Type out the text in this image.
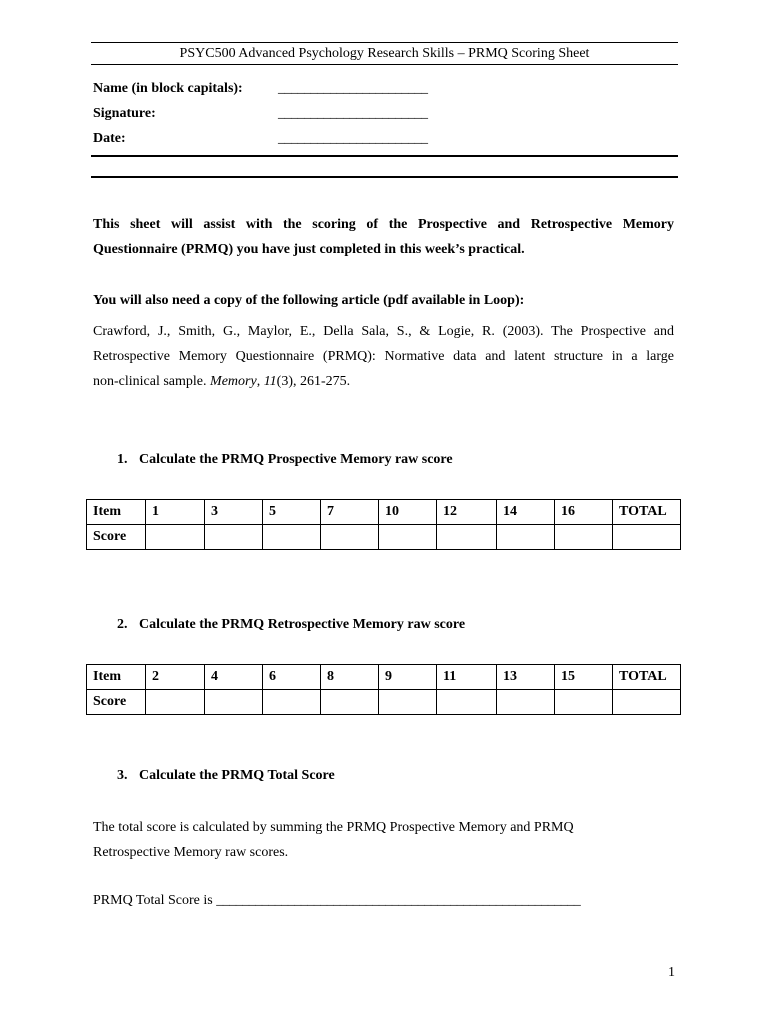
PSYC500 Advanced Psychology Research Skills – PRMQ Scoring Sheet
Name (in block capitals):	_______________________
Signature:	_______________________
Date:	_______________________
This sheet will assist with the scoring of the Prospective and Retrospective Memory
Questionnaire (PRMQ) you have just completed in this week’s practical.
You will also need a copy of the following article (pdf available in Loop):
Crawford, J., Smith, G., Maylor, E., Della Sala, S., & Logie, R. (2003). The Prospective and
Retrospective Memory Questionnaire (PRMQ): Normative data and latent structure in a large
non-clinical sample. Memory, 11(3), 261-275.
1. Calculate the PRMQ Prospective Memory raw score
Item	1	3	5	7	10	12	14	16	TOTAL
Score									
2. Calculate the PRMQ Retrospective Memory raw score
Item	2	4	6	8	9	11	13	15	TOTAL
Score									
3. Calculate the PRMQ Total Score
The total score is calculated by summing the PRMQ Prospective Memory and PRMQ
Retrospective Memory raw scores.
PRMQ Total Score is ________________________________________________________
1
